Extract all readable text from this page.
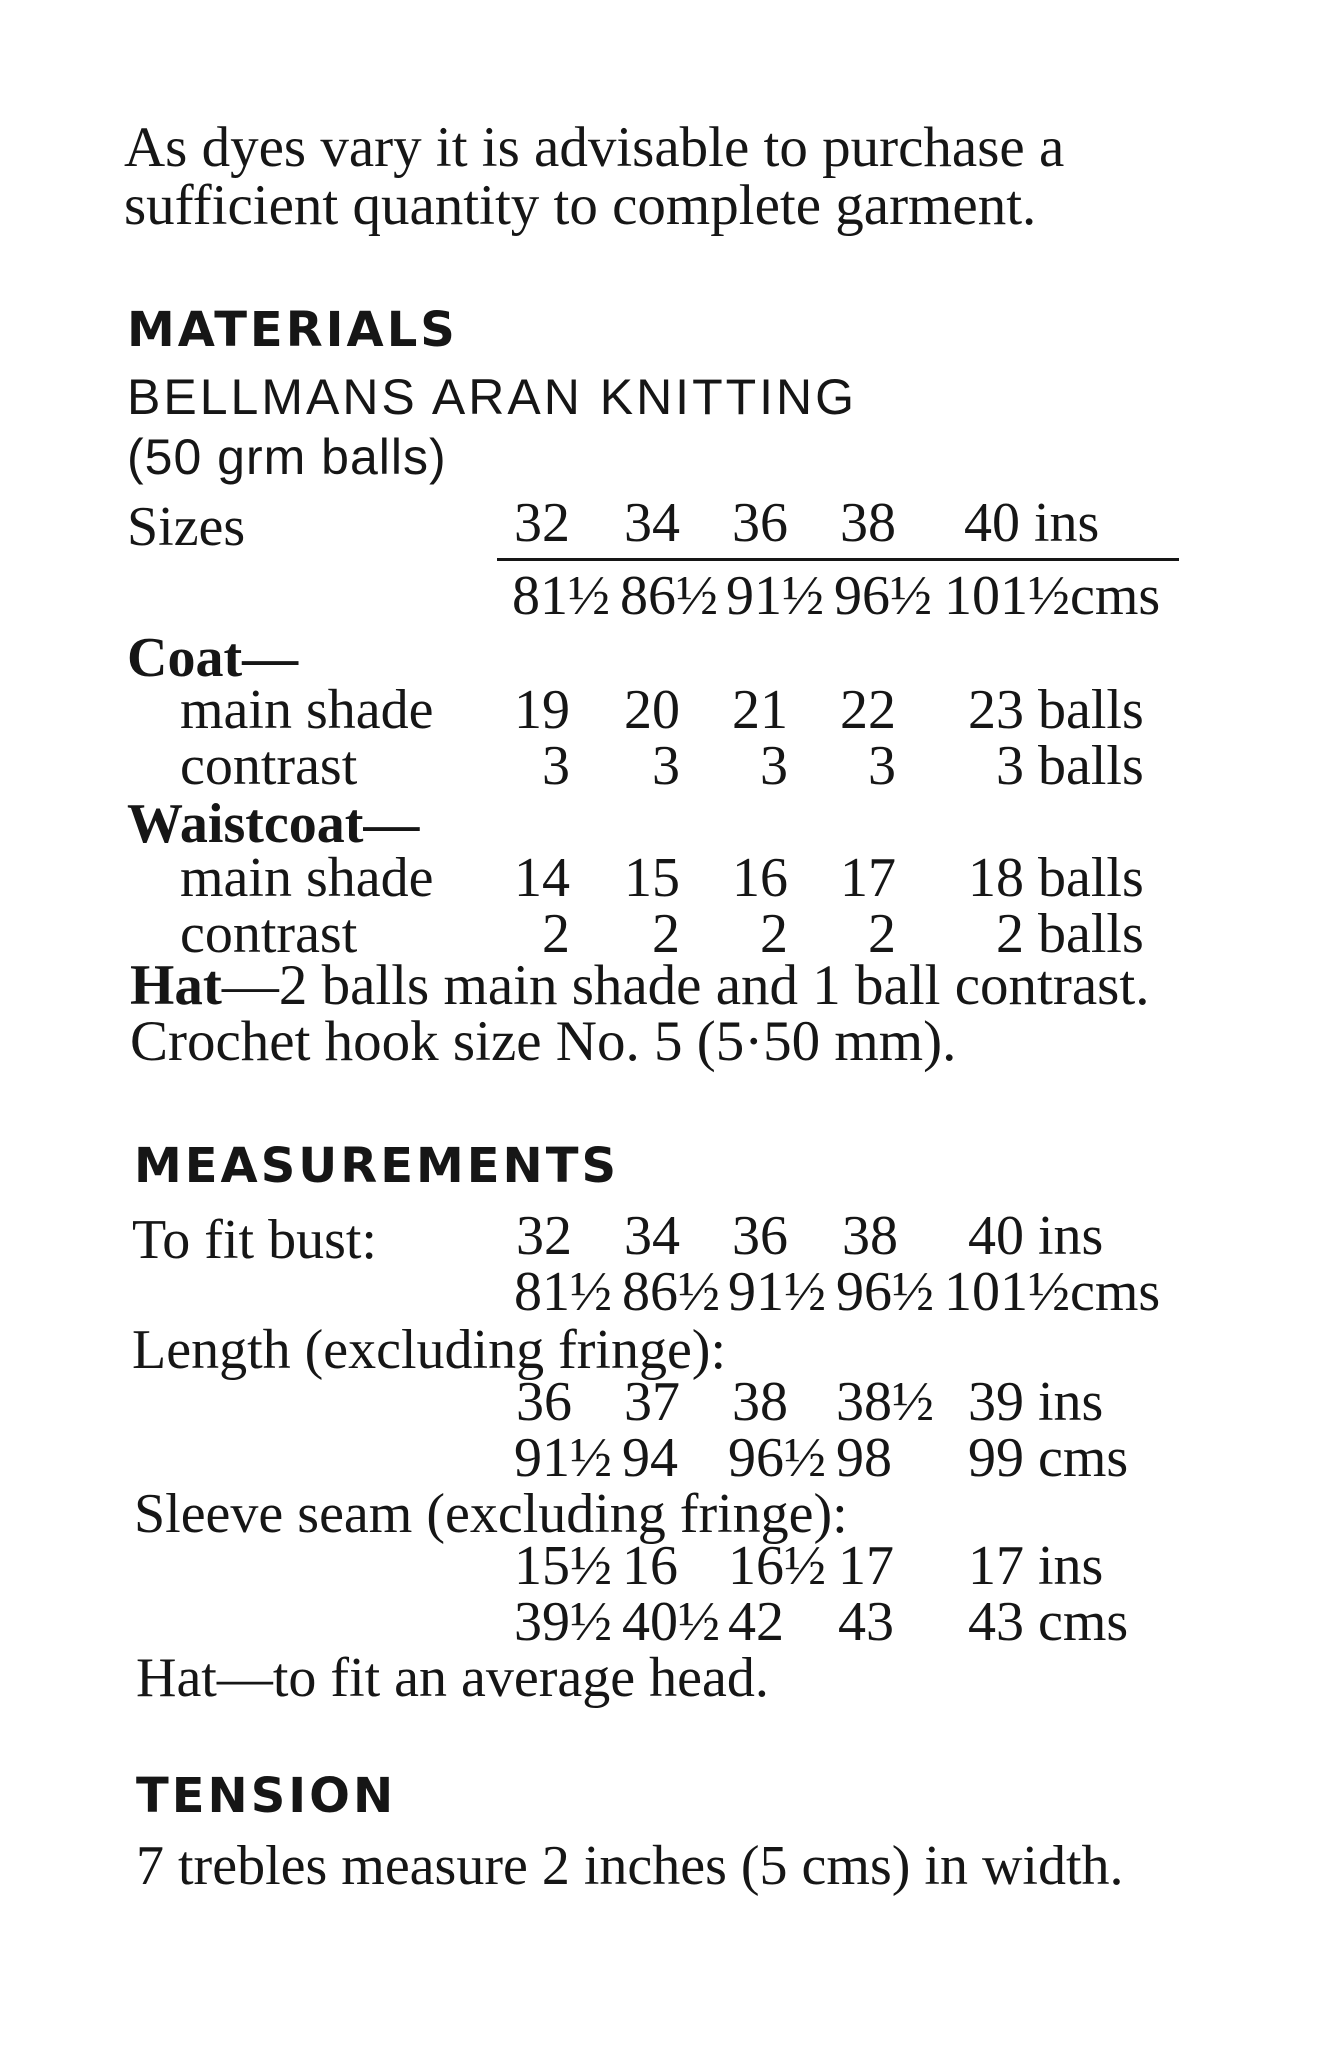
As dyes vary it is advisable to purchase a
sufficient quantity to complete garment.
MATERIALS
BELLMANS ARAN KNITTING
(50 grm balls)
Sizes	32 34 36 38 40 ins
81½ 86½ 91½ 96½ 101½cms
Coat—
main shade 19 20 21 22 23 balls
contrast	3	3	3	3 3 balls
Waistcoat—
main shade 14 15 16 17 18 balls
contrast	2	2	2	2 2 balls
Hat—2 balls main shade and 1 ball contrast.
Crochet hook size No. 5 (5·50 mm).
MEASUREMENTS
To fit bust: 32 34 36 38 40 ins
81½ 86½ 91½ 96½ 101½cms
Length (excluding fringe):
36 37 38 38½ 39 ins
91½ 94 96½ 98 99 cms
Sleeve seam (excluding fringe):
15½ 16 16½ 17 17 ins
39½ 40½ 42 43 43 cms
Hat—to fit an average head.
TENSION
7 trebles measure 2 inches (5 cms) in width.
